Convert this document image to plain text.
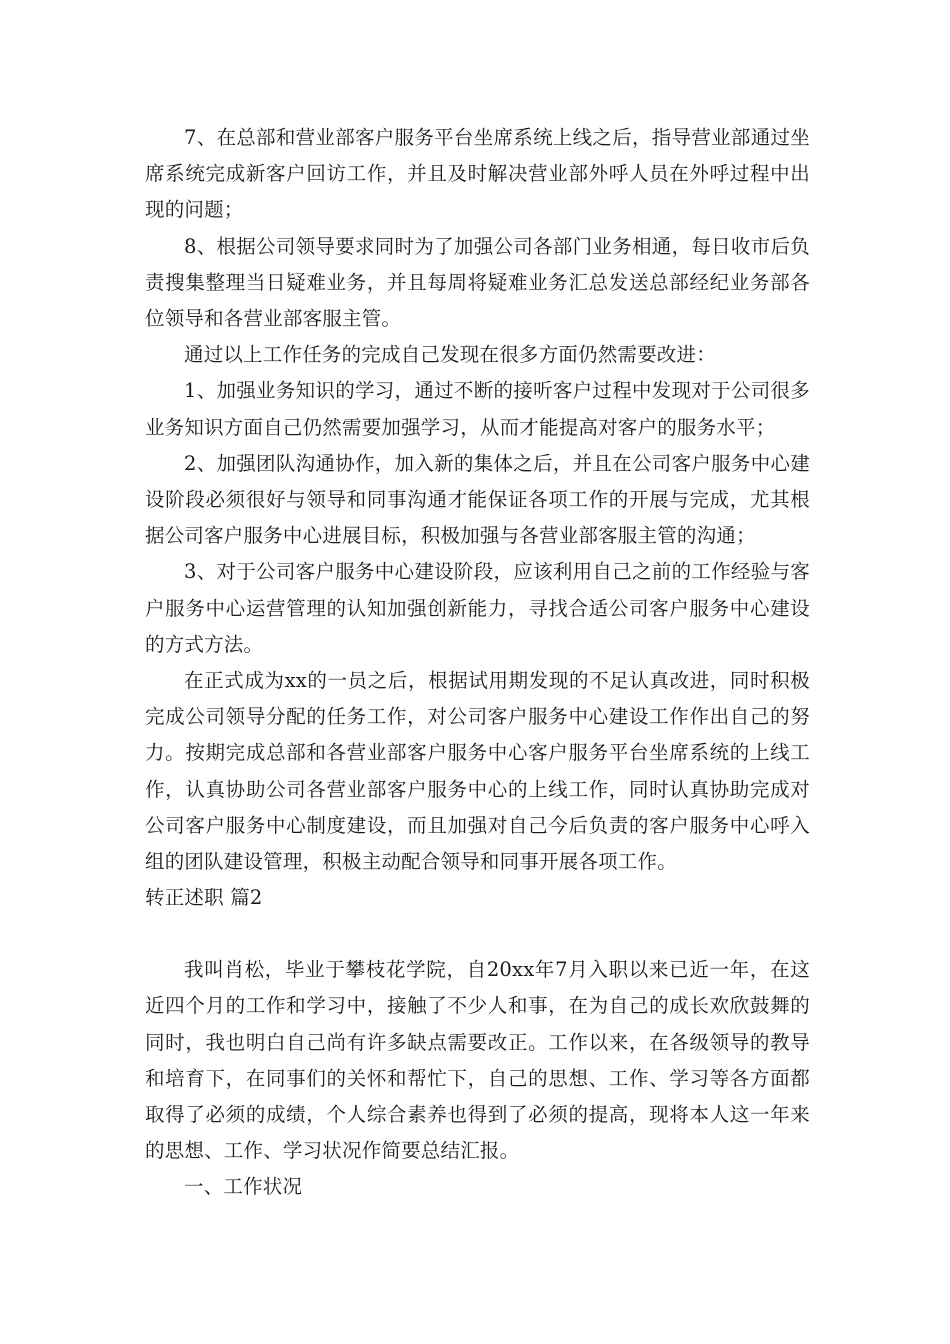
7、在总部和营业部客户服务平台坐席系统上线之后，指导营业部通过坐席系统完成新客户回访工作，并且及时解决营业部外呼人员在外呼过程中出现的问题；

8、根据公司领导要求同时为了加强公司各部门业务相通，每日收市后负责搜集整理当日疑难业务，并且每周将疑难业务汇总发送总部经纪业务部各位领导和各营业部客服主管。

通过以上工作任务的完成自己发现在很多方面仍然需要改进：

1、加强业务知识的学习，通过不断的接听客户过程中发现对于公司很多业务知识方面自己仍然需要加强学习，从而才能提高对客户的服务水平；

2、加强团队沟通协作，加入新的集体之后，并且在公司客户服务中心建设阶段必须很好与领导和同事沟通才能保证各项工作的开展与完成，尤其根据公司客户服务中心进展目标，积极加强与各营业部客服主管的沟通；

3、对于公司客户服务中心建设阶段，应该利用自己之前的工作经验与客户服务中心运营管理的认知加强创新能力，寻找合适公司客户服务中心建设的方式方法。

在正式成为xx的一员之后，根据试用期发现的不足认真改进，同时积极完成公司领导分配的任务工作，对公司客户服务中心建设工作作出自己的努力。按期完成总部和各营业部客户服务中心客户服务平台坐席系统的上线工作，认真协助公司各营业部客户服务中心的上线工作，同时认真协助完成对公司客户服务中心制度建设，而且加强对自己今后负责的客户服务中心呼入组的团队建设管理，积极主动配合领导和同事开展各项工作。

转正述职 篇2

我叫肖松，毕业于攀枝花学院，自20xx年7月入职以来已近一年，在这近四个月的工作和学习中，接触了不少人和事，在为自己的成长欢欣鼓舞的同时，我也明白自己尚有许多缺点需要改正。工作以来，在各级领导的教导和培育下，在同事们的关怀和帮忙下，自己的思想、工作、学习等各方面都取得了必须的成绩，个人综合素养也得到了必须的提高，现将本人这一年来的思想、工作、学习状况作简要总结汇报。

一、工作状况
